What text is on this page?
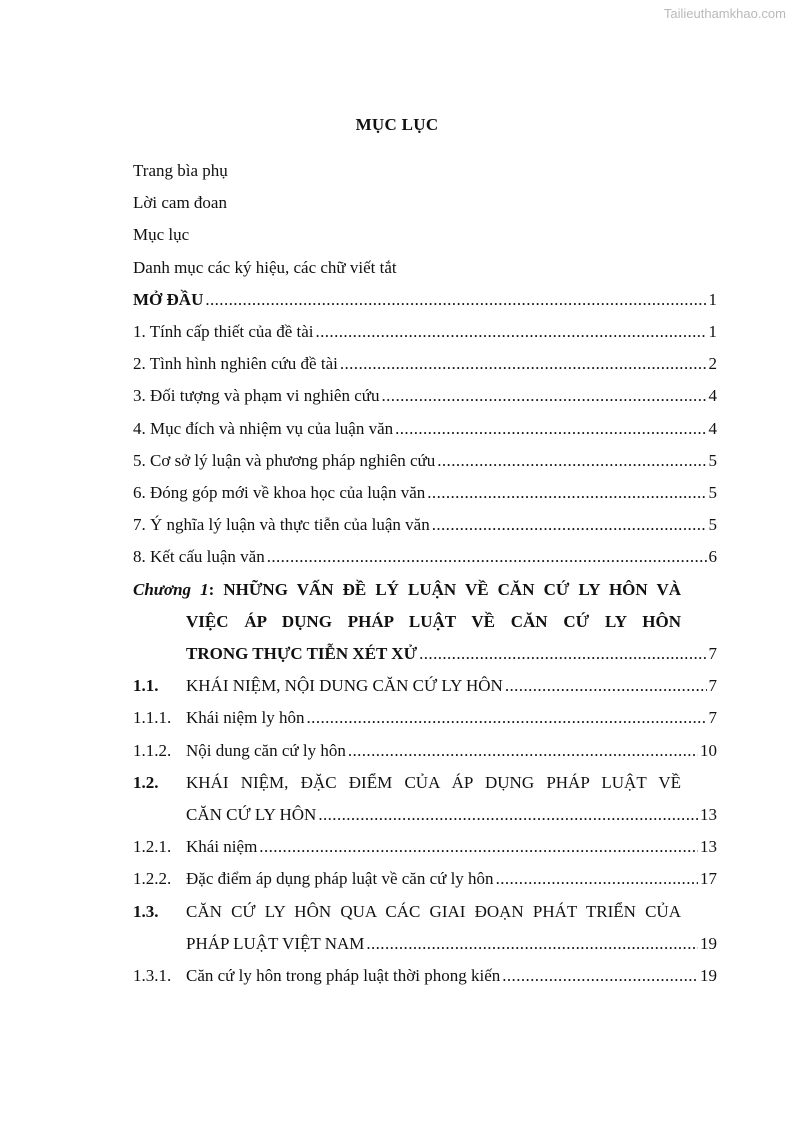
Tailieuthamkhao.com
MỤC LỤC
Trang bìa phụ
Lời cam đoan
Mục lục
Danh mục các ký hiệu, các chữ viết tắt
MỞ ĐẦU .....	1
1. Tính cấp thiết của đề tài .....	1
2. Tình hình nghiên cứu đề tài .....	2
3. Đối tượng và phạm vi nghiên cứu .....	4
4. Mục đích và nhiệm vụ của luận văn .....	4
5. Cơ sở lý luận và phương pháp nghiên cứu .....	5
6. Đóng góp mới về khoa học của luận văn .....	5
7. Ý nghĩa lý luận và thực tiễn của luận văn .....	5
8. Kết cấu luận văn .....	6
Chương 1: NHỮNG VẤN ĐỀ LÝ LUẬN VỀ CĂN CỨ LY HÔN VÀ
VIỆC ÁP DỤNG PHÁP LUẬT VỀ CĂN CỨ LY HÔN
TRONG THỰC TIỄN XÉT XỬ .....	7
1.1.	KHÁI NIỆM, NỘI DUNG CĂN CỨ LY HÔN .....	7
1.1.1. Khái niệm ly hôn .....	7
1.1.2. Nội dung căn cứ ly hôn .....	10
1.2.	KHÁI NIỆM, ĐẶC ĐIỂM CỦA ÁP DỤNG PHÁP LUẬT VỀ
CĂN CỨ LY HÔN .....	13
1.2.1. Khái niệm .....	13
1.2.2. Đặc điểm áp dụng pháp luật về căn cứ ly hôn .....	17
1.3.	CĂN CỨ LY HÔN QUA CÁC GIAI ĐOẠN PHÁT TRIỂN CỦA
PHÁP LUẬT VIỆT NAM .....	19
1.3.1. Căn cứ ly hôn trong pháp luật thời phong kiến .....	19
